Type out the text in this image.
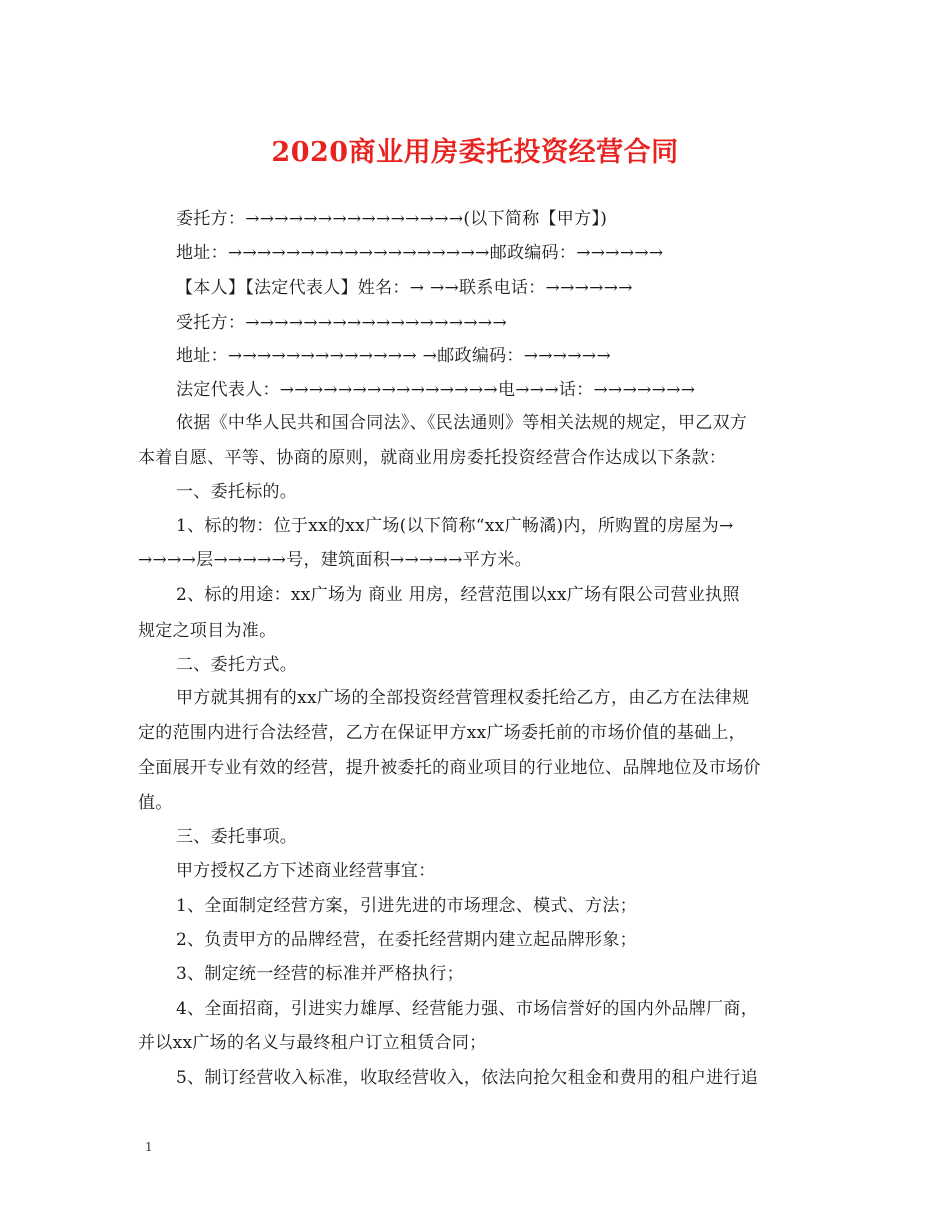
2020商业用房委托投资经营合同
委托方：→→→→→→→→→→→→→→→(以下简称【甲方】)
地址：→→→→→→→→→→→→→→→→→→邮政编码：→→→→→→
【本人】【法定代表人】姓名：→ →→联系电话：→→→→→→
受托方：→→→→→→→→→→→→→→→→→→
地址：→→→→→→→→→→→→→ →邮政编码：→→→→→→
法定代表人：→→→→→→→→→→→→→→→电→→→话：→→→→→→→
依据《中华人民共和国合同法》、《民法通则》等相关法规的规定，甲乙双方
本着自愿、平等、协商的原则，就商业用房委托投资经营合作达成以下条款：
一、委托标的。
1、标的物：位于xx的xx广场(以下简称“xx广畅潏)内，所购置的房屋为→
→→→→层→→→→→号，建筑面积→→→→→平方米。
2、标的用途：xx广场为 商业 用房，经营范围以xx广场有限公司营业执照
规定之项目为准。
二、委托方式。
甲方就其拥有的xx广场的全部投资经营管理权委托给乙方，由乙方在法律规
定的范围内进行合法经营，乙方在保证甲方xx广场委托前的市场价值的基础上，
全面展开专业有效的经营，提升被委托的商业项目的行业地位、品牌地位及市场价
值。
三、委托事项。
甲方授权乙方下述商业经营事宜：
1、全面制定经营方案，引进先进的市场理念、模式、方法；
2、负责甲方的品牌经营，在委托经营期内建立起品牌形象；
3、制定统一经营的标准并严格执行；
4、全面招商，引进实力雄厚、经营能力强、市场信誉好的国内外品牌厂商，
并以xx广场的名义与最终租户订立租赁合同；
5、制订经营收入标准，收取经营收入，依法向抢欠租金和费用的租户进行追
1
